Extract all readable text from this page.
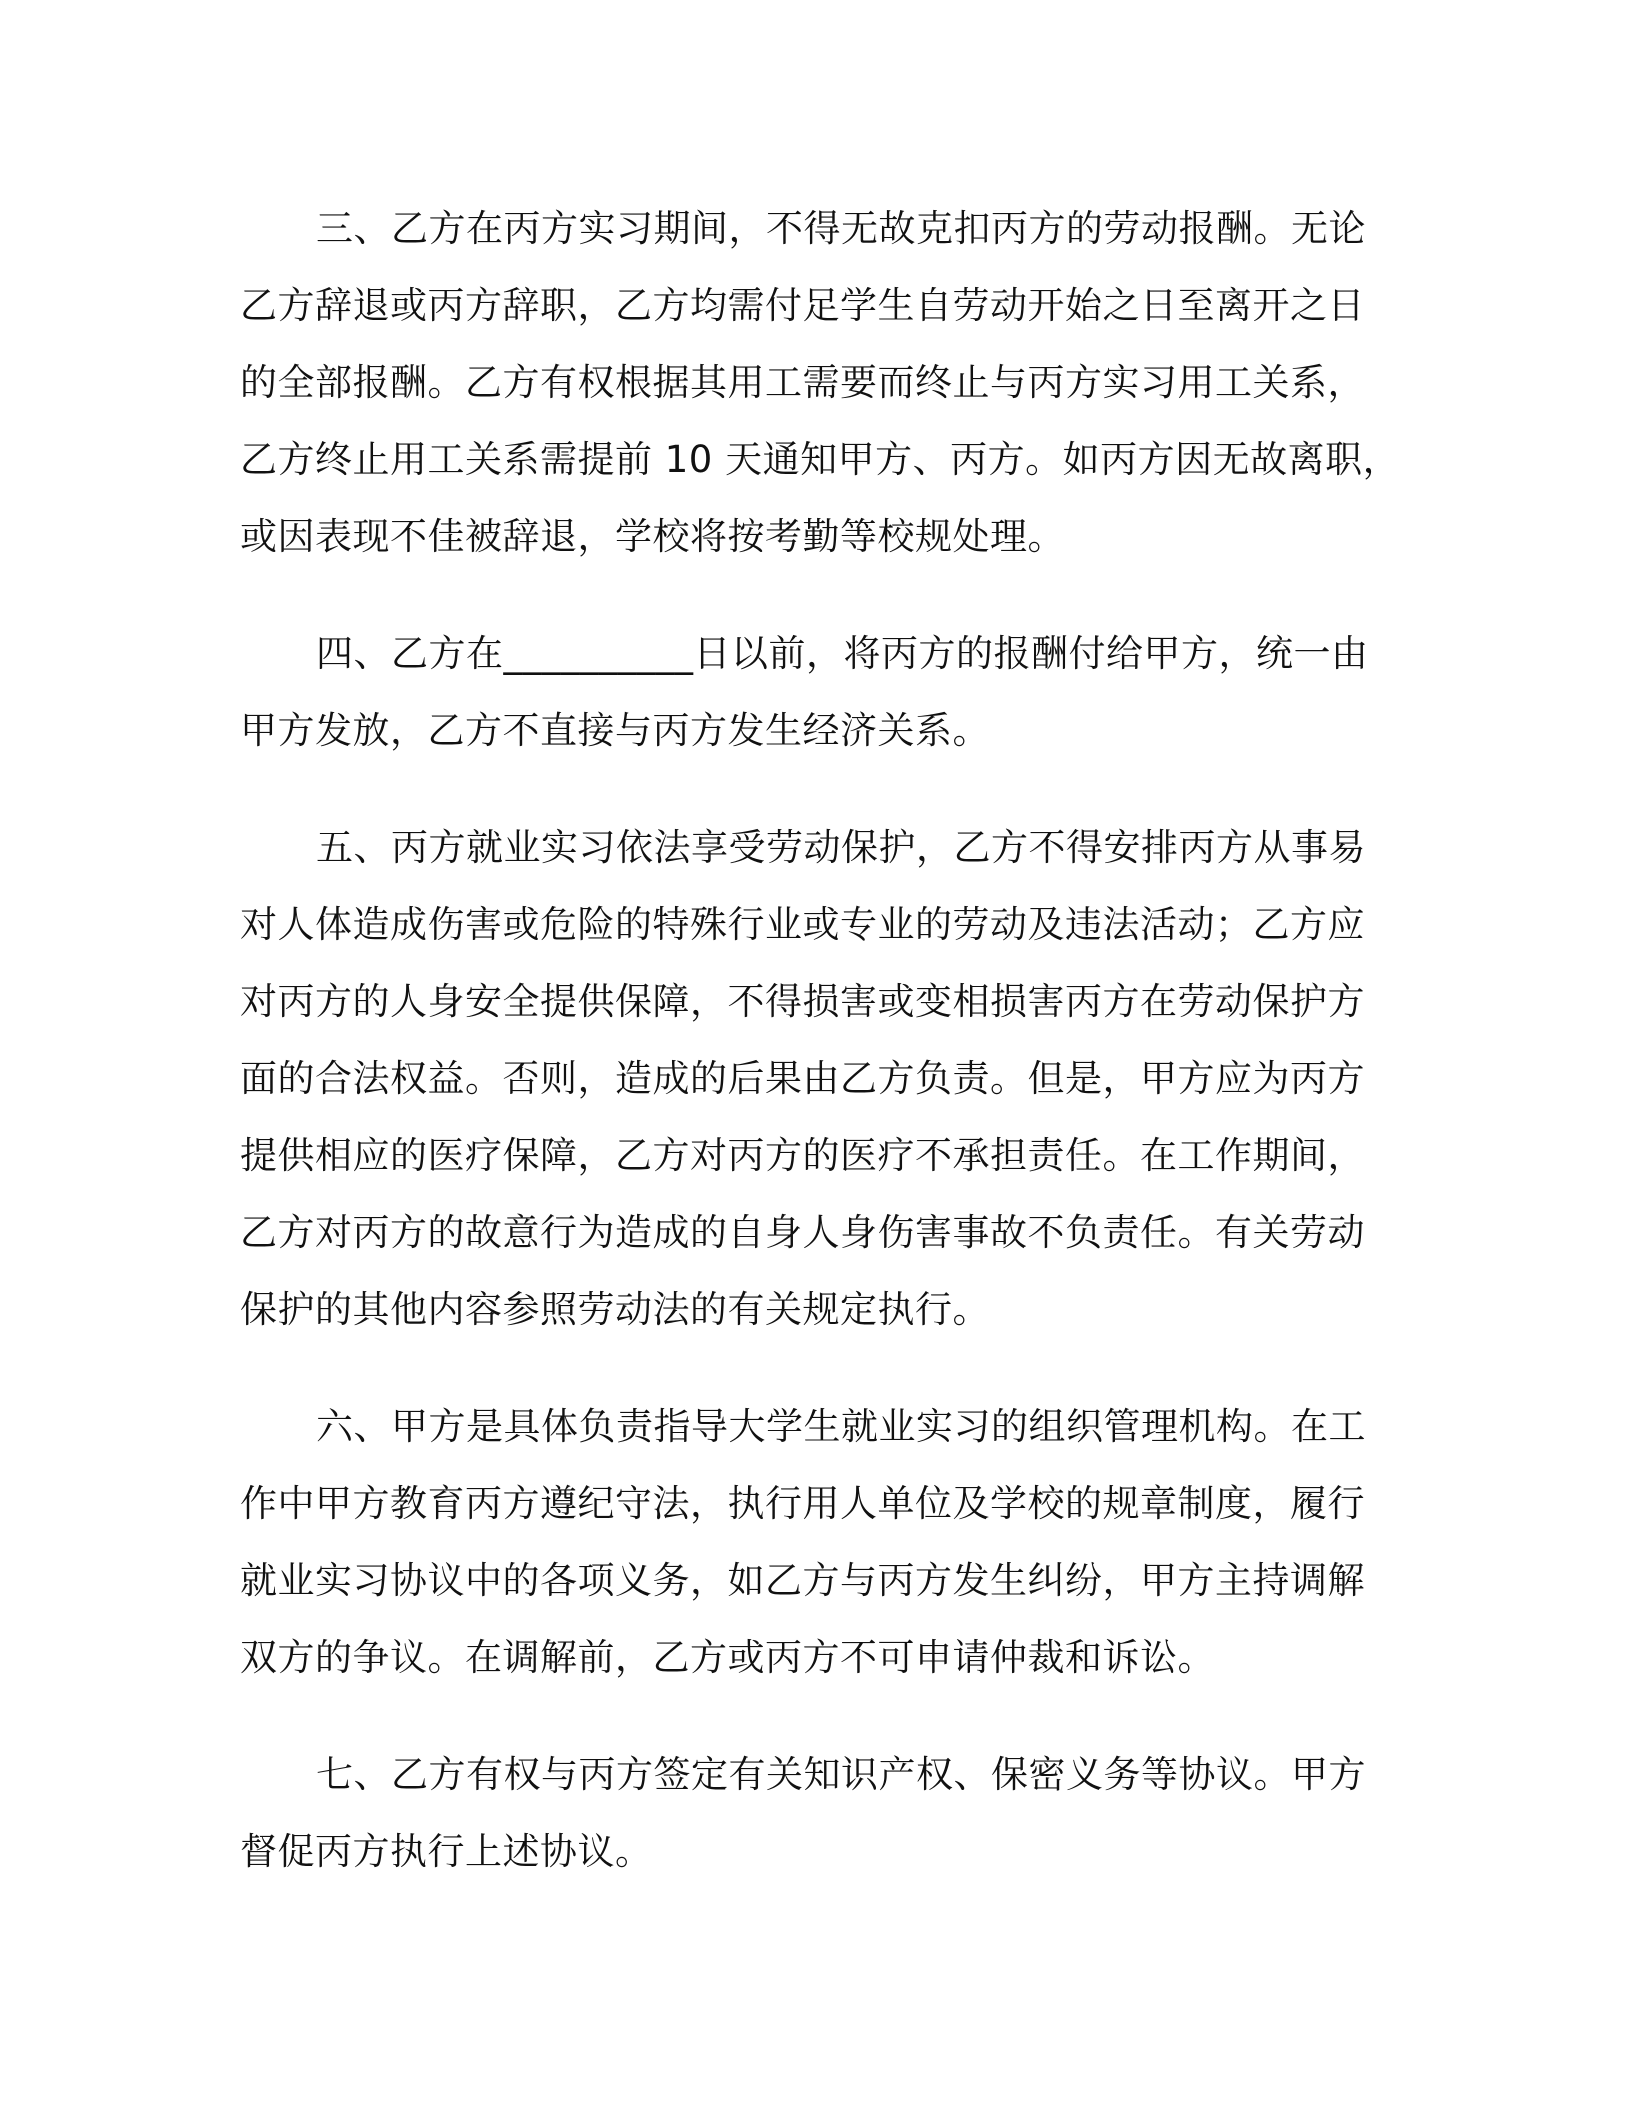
三、乙方在丙方实习期间，不得无故克扣丙方的劳动报酬。无论
乙方辞退或丙方辞职，乙方均需付足学生自劳动开始之日至离开之日
的全部报酬。乙方有权根据其用工需要而终止与丙方实习用工关系，
乙方终止用工关系需提前 10 天通知甲方、丙方。如丙方因无故离职，
或因表现不佳被辞退，学校将按考勤等校规处理。
四、乙方在__________日以前，将丙方的报酬付给甲方，统一由
甲方发放，乙方不直接与丙方发生经济关系。
五、丙方就业实习依法享受劳动保护，乙方不得安排丙方从事易
对人体造成伤害或危险的特殊行业或专业的劳动及违法活动；乙方应
对丙方的人身安全提供保障，不得损害或变相损害丙方在劳动保护方
面的合法权益。否则，造成的后果由乙方负责。但是，甲方应为丙方
提供相应的医疗保障，乙方对丙方的医疗不承担责任。在工作期间，
乙方对丙方的故意行为造成的自身人身伤害事故不负责任。有关劳动
保护的其他内容参照劳动法的有关规定执行。
六、甲方是具体负责指导大学生就业实习的组织管理机构。在工
作中甲方教育丙方遵纪守法，执行用人单位及学校的规章制度，履行
就业实习协议中的各项义务，如乙方与丙方发生纠纷，甲方主持调解
双方的争议。在调解前，乙方或丙方不可申请仲裁和诉讼。
七、乙方有权与丙方签定有关知识产权、保密义务等协议。甲方
督促丙方执行上述协议。
